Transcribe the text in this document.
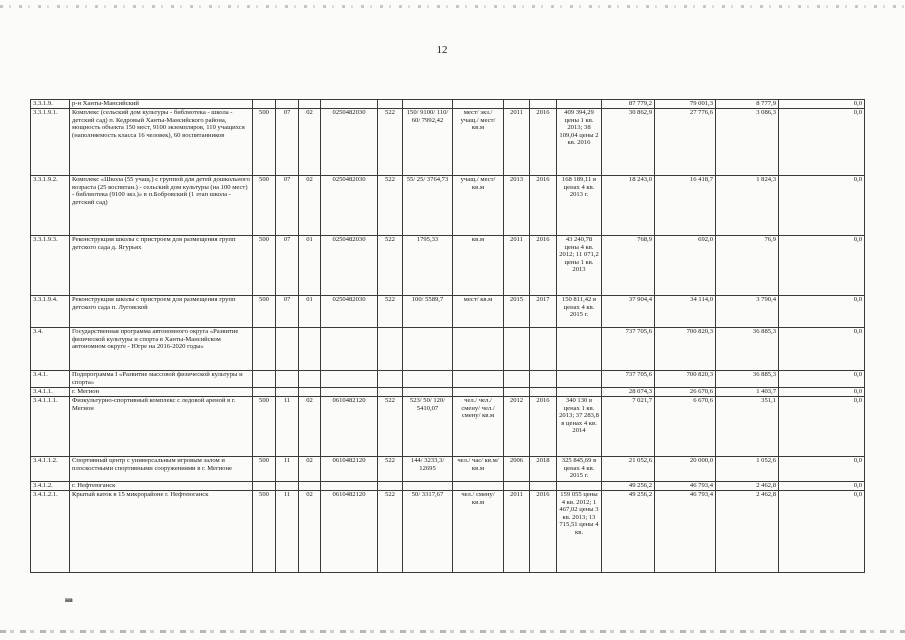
12
3.3.1.9.	р-н Ханты-Мансийский											87 779,2	79 001,3	8 777,9	0,0
3.3.1.9.1.	Комплекс (сельский дом культуры - библиотека - школа - детский сад) п. Кедровый Ханты-Мансийского района, мощность объекта 150 мест, 9100 экземпляров, 110 учащихся (наполняемость класса 16 человек), 60 воспитанников	500	07	02	0250482030	522	150/ 9100/ 110/ 60/ 7992,42	мест/ экз./ учащ./ мест/ кв.м	2011	2016	409 394,29 цены 1 кв. 2013; 38 109,04 цены 2 кв. 2016	30 862,9	27 776,6	3 086,3	0,0
3.3.1.9.2.	Комплекс «Школа (55 учащ.) с группой для детей дошкольного возраста (25 воспитан.) - сельский дом культуры (на 100 мест) - библиотека (9100 экз.)» в п.Бобровский (1 этап школа - детский сад)	500	07	02	0250482030	522	55/ 25/ 3764,73	учащ./ мест/ кв.м	2013	2016	168 189,11 в ценах 4 кв. 2013 г.	18 243,0	16 418,7	1 824,3	0,0
3.3.1.9.3.	Реконструкция школы с пристроем для размещения групп детского сада д. Ягурьях	500	07	01	0250482030	522	1795,33	кв.м	2011	2016	43 240,78 цены 4 кв. 2012; 11 071,2 цены 1 кв. 2013	768,9	692,0	76,9	0,0
3.3.1.9.4.	Реконструкция школы с пристроем для размещения групп детского сада п. Луговской	500	07	01	0250482030	522	100/ 5589,7	мест/ кв.м	2015	2017	150 811,42 в ценах 4 кв. 2015 г.	37 904,4	34 114,0	3 790,4	0,0
3.4.	Государственная программа автономного округа «Развитие физической культуры и спорта в Ханты-Мансийском автономном округе - Югре на 2016-2020 годы»											737 705,6	700 820,3	36 885,3	0,0
3.4.1.	Подпрограмма I «Развитие массовой физической культуры и спорта»											737 705,6	700 820,3	36 885,3	0,0
3.4.1.1.	г. Мегион											28 074,3	26 670,6	1 403,7	0,0
3.4.1.1.1.	Физкультурно-спортивный комплекс с ледовой ареной в г. Мегион	500	11	02	0610482120	522	523/ 50/ 120/ 5410,07	чел./ чел./ смену/ чел./ смену/ кв.м	2012	2016	340 130 в ценах 1 кв. 2013; 37 283,8 в ценах 4 кв. 2014	7 021,7	6 670,6	351,1	0,0
3.4.1.1.2.	Спортивный центр с универсальным игровым залом и плоскостными спортивными сооружениями в г. Мегионе	500	11	02	0610482120	522	144/ 3233,3/ 12695	чел./ час/ кв.м/ кв.м	2006	2018	325 845,69 в ценах 4 кв. 2015 г.	21 052,6	20 000,0	1 052,6	0,0
3.4.1.2.	г. Нефтеюганск											49 256,2	46 793,4	2 462,8	0,0
3.4.1.2.1.	Крытый каток в 15 микрорайоне г. Нефтеюганск	500	11	02	0610482120	522	50/ 3317,67	чел./ смену/ кв.м	2011	2016	159 055 цены 4 кв. 2012; 1 467,02 цены 3 кв. 2013; 13 715,51 цены 4 кв.	49 256,2	46 793,4	2 462,8	0,0
нв
